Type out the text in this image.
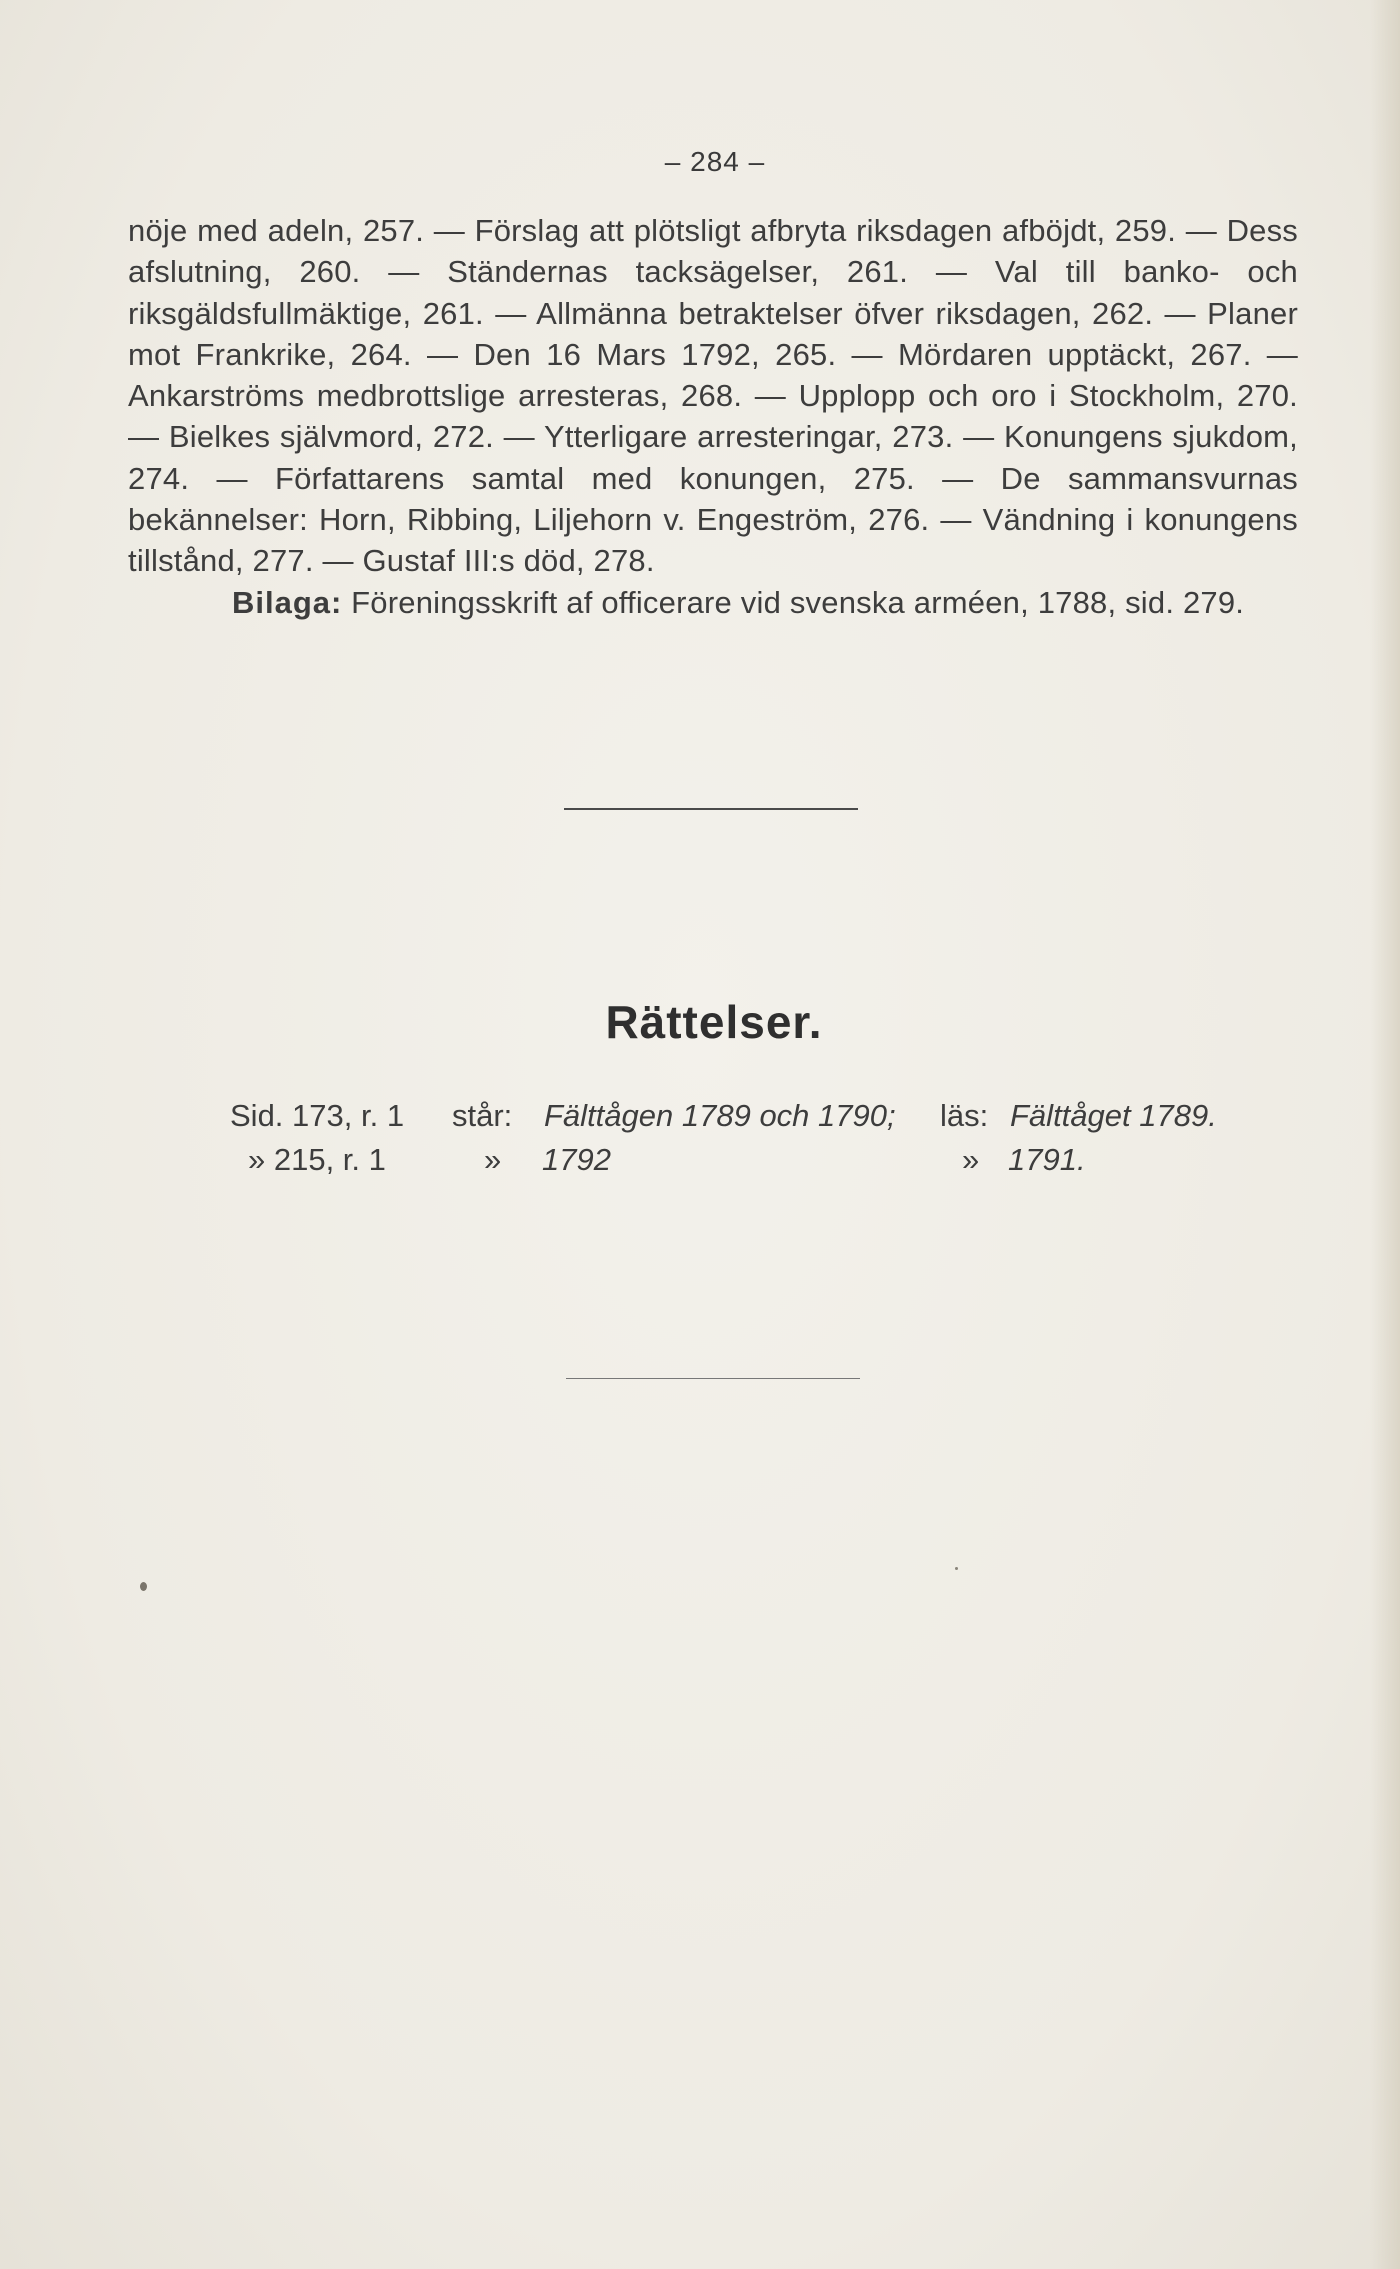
– 284 –

nöje med adeln, 257. — Förslag att plötsligt afbryta riksdagen afböjdt, 259. — Dess afslutning, 260. — Ständernas tacksägelser, 261. — Val till banko- och riksgäldsfullmäktige, 261. — Allmänna betraktelser öfver riksdagen, 262. — Planer mot Frankrike, 264. — Den 16 Mars 1792, 265. — Mördaren upptäckt, 267. — Ankarströms medbrottslige arresteras, 268. — Upplopp och oro i Stockholm, 270. — Bielkes självmord, 272. — Ytterligare arresteringar, 273. — Konungens sjukdom, 274. — Författarens samtal med konungen, 275. — De sammansvurnas bekännelser: Horn, Ribbing, Liljehorn v. Engeström, 276. — Vändning i konungens tillstånd, 277. — Gustaf III:s död, 278.

Bilaga: Föreningsskrift af officerare vid svenska arméen, 1788, sid. 279.

Rättelser.
Sid. 173, r. 1 står: Fälttågen 1789 och 1790; läs: Fälttåget 1789.
» 215, r. 1	» 1792	» 1791.
